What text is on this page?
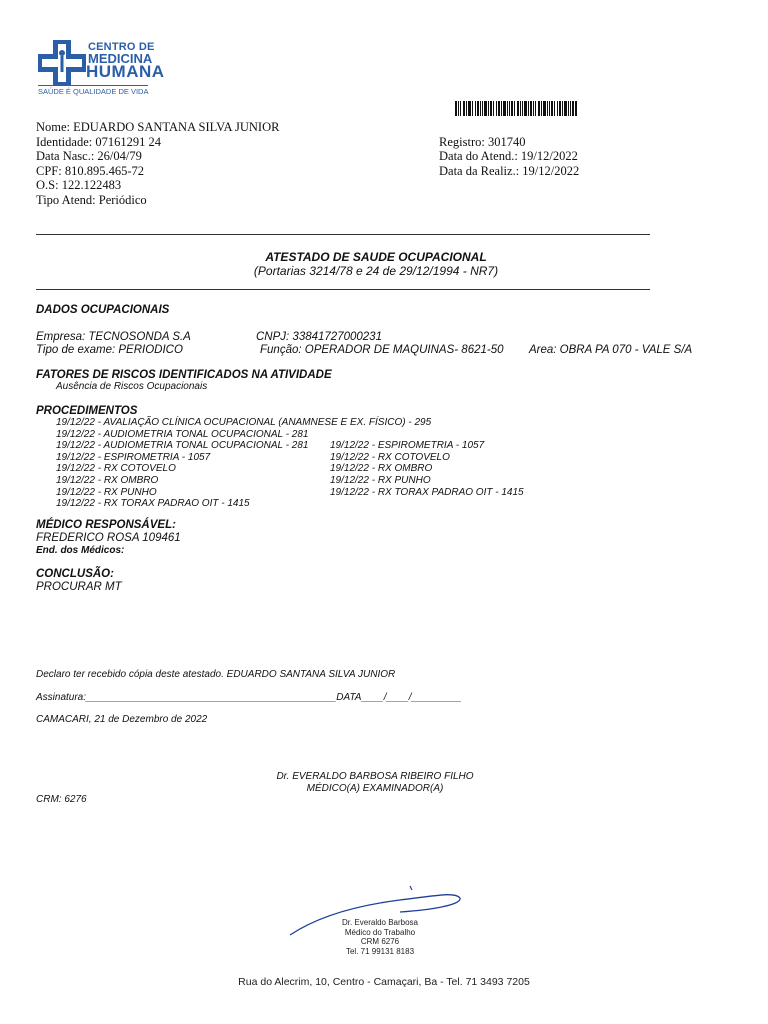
CENTRO DE
MEDICINA
HUMANA
SAÚDE É QUALIDADE DE VIDA
Nome: EDUARDO SANTANA SILVA JUNIOR
Identidade: 07161291 24
Data Nasc.: 26/04/79
CPF: 810.895.465-72
O.S: 122.122483
Tipo Atend: Periódico
Registro: 301740
Data do Atend.: 19/12/2022
Data da Realiz.: 19/12/2022
ATESTADO DE SAUDE OCUPACIONAL
(Portarias 3214/78 e 24 de 29/12/1994 - NR7)
DADOS OCUPACIONAIS
Empresa: TECNOSONDA S.A	CNPJ: 33841727000231
Tipo de exame: PERIODICO	Função: OPERADOR DE MAQUINAS- 8621-50 Area: OBRA PA 070 - VALE S/A
FATORES DE RISCOS IDENTIFICADOS NA ATIVIDADE
Ausência de Riscos Ocupacionais
PROCEDIMENTOS
19/12/22 - AVALIAÇÃO CLÍNICA OCUPACIONAL (ANAMNESE E EX. FÍSICO) - 295
19/12/22 - AUDIOMETRIA TONAL OCUPACIONAL - 281
19/12/22 - AUDIOMETRIA TONAL OCUPACIONAL - 281
19/12/22 - ESPIROMETRIA - 1057
19/12/22 - RX COTOVELO
19/12/22 - RX OMBRO
19/12/22 - RX PUNHO
19/12/22 - RX TORAX PADRAO OIT - 1415
19/12/22 - ESPIROMETRIA - 1057
19/12/22 - RX COTOVELO
19/12/22 - RX OMBRO
19/12/22 - RX PUNHO
19/12/22 - RX TORAX PADRAO OIT - 1415
MÉDICO RESPONSÁVEL:
FREDERICO ROSA 109461
End. dos Médicos:
CONCLUSÃO:
PROCURAR MT
Declaro ter recebido cópia deste atestado. EDUARDO SANTANA SILVA JUNIOR
Assinatura:_____________________________________________DATA____/____/_________
CAMACARI, 21 de Dezembro de 2022
Dr. EVERALDO BARBOSA RIBEIRO FILHO
MÉDICO(A) EXAMINADOR(A)
CRM: 6276
Dr. Everaldo Barbosa
Médico do Trabalho
CRM 6276
Tel. 71 99131 8183
Rua do Alecrim, 10, Centro - Camaçari, Ba - Tel. 71 3493 7205
